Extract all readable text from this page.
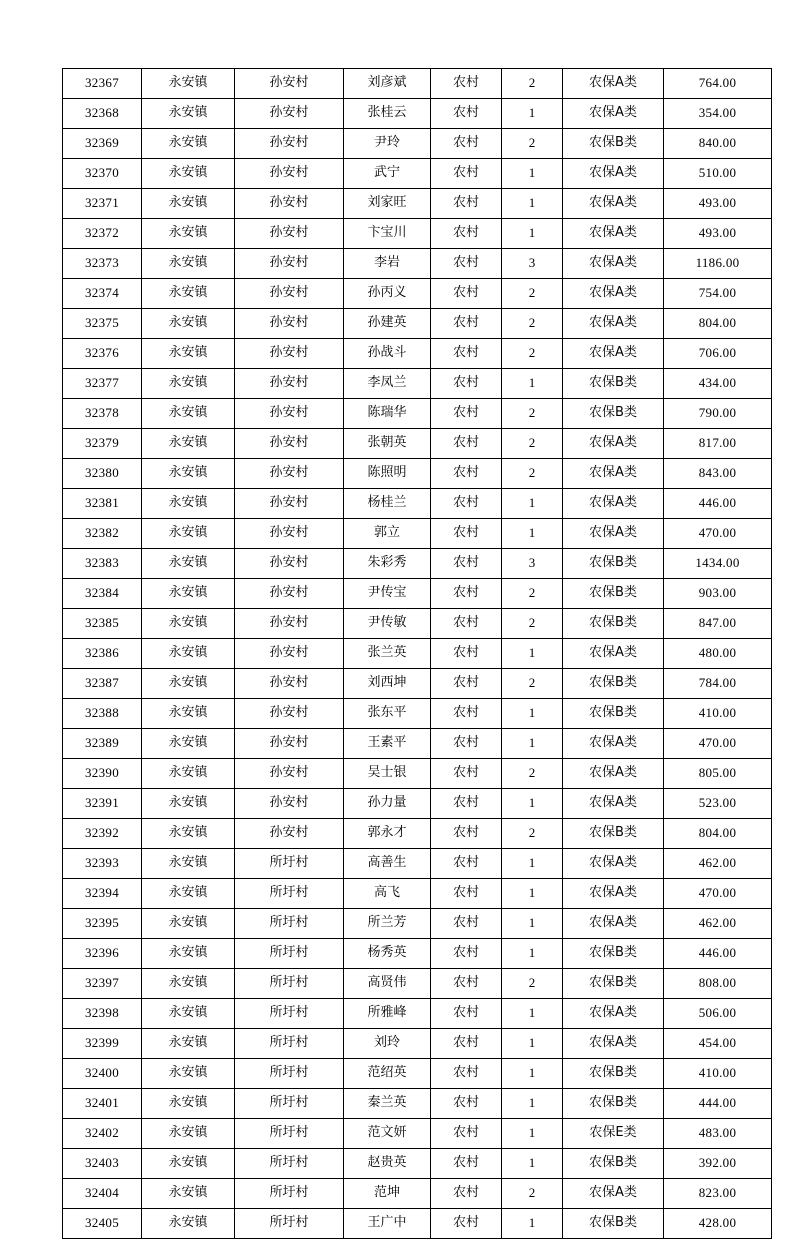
32367	永安镇	孙安村	刘彦斌	农村	2	农保A类	764.00
32368	永安镇	孙安村	张桂云	农村	1	农保A类	354.00
32369	永安镇	孙安村	尹玲	农村	2	农保B类	840.00
32370	永安镇	孙安村	武宁	农村	1	农保A类	510.00
32371	永安镇	孙安村	刘家旺	农村	1	农保A类	493.00
32372	永安镇	孙安村	卞宝川	农村	1	农保A类	493.00
32373	永安镇	孙安村	李岩	农村	3	农保A类	1186.00
32374	永安镇	孙安村	孙丙义	农村	2	农保A类	754.00
32375	永安镇	孙安村	孙建英	农村	2	农保A类	804.00
32376	永安镇	孙安村	孙战斗	农村	2	农保A类	706.00
32377	永安镇	孙安村	李凤兰	农村	1	农保B类	434.00
32378	永安镇	孙安村	陈瑞华	农村	2	农保B类	790.00
32379	永安镇	孙安村	张朝英	农村	2	农保A类	817.00
32380	永安镇	孙安村	陈照明	农村	2	农保A类	843.00
32381	永安镇	孙安村	杨桂兰	农村	1	农保A类	446.00
32382	永安镇	孙安村	郭立	农村	1	农保A类	470.00
32383	永安镇	孙安村	朱彩秀	农村	3	农保B类	1434.00
32384	永安镇	孙安村	尹传宝	农村	2	农保B类	903.00
32385	永安镇	孙安村	尹传敏	农村	2	农保B类	847.00
32386	永安镇	孙安村	张兰英	农村	1	农保A类	480.00
32387	永安镇	孙安村	刘西坤	农村	2	农保B类	784.00
32388	永安镇	孙安村	张东平	农村	1	农保B类	410.00
32389	永安镇	孙安村	王素平	农村	1	农保A类	470.00
32390	永安镇	孙安村	吴士银	农村	2	农保A类	805.00
32391	永安镇	孙安村	孙力量	农村	1	农保A类	523.00
32392	永安镇	孙安村	郭永才	农村	2	农保B类	804.00
32393	永安镇	所圩村	高善生	农村	1	农保A类	462.00
32394	永安镇	所圩村	高飞	农村	1	农保A类	470.00
32395	永安镇	所圩村	所兰芳	农村	1	农保A类	462.00
32396	永安镇	所圩村	杨秀英	农村	1	农保B类	446.00
32397	永安镇	所圩村	高贤伟	农村	2	农保B类	808.00
32398	永安镇	所圩村	所雅峰	农村	1	农保A类	506.00
32399	永安镇	所圩村	刘玲	农村	1	农保A类	454.00
32400	永安镇	所圩村	范绍英	农村	1	农保B类	410.00
32401	永安镇	所圩村	秦兰英	农村	1	农保B类	444.00
32402	永安镇	所圩村	范文妍	农村	1	农保E类	483.00
32403	永安镇	所圩村	赵贵英	农村	1	农保B类	392.00
32404	永安镇	所圩村	范坤	农村	2	农保A类	823.00
32405	永安镇	所圩村	王广中	农村	1	农保B类	428.00
